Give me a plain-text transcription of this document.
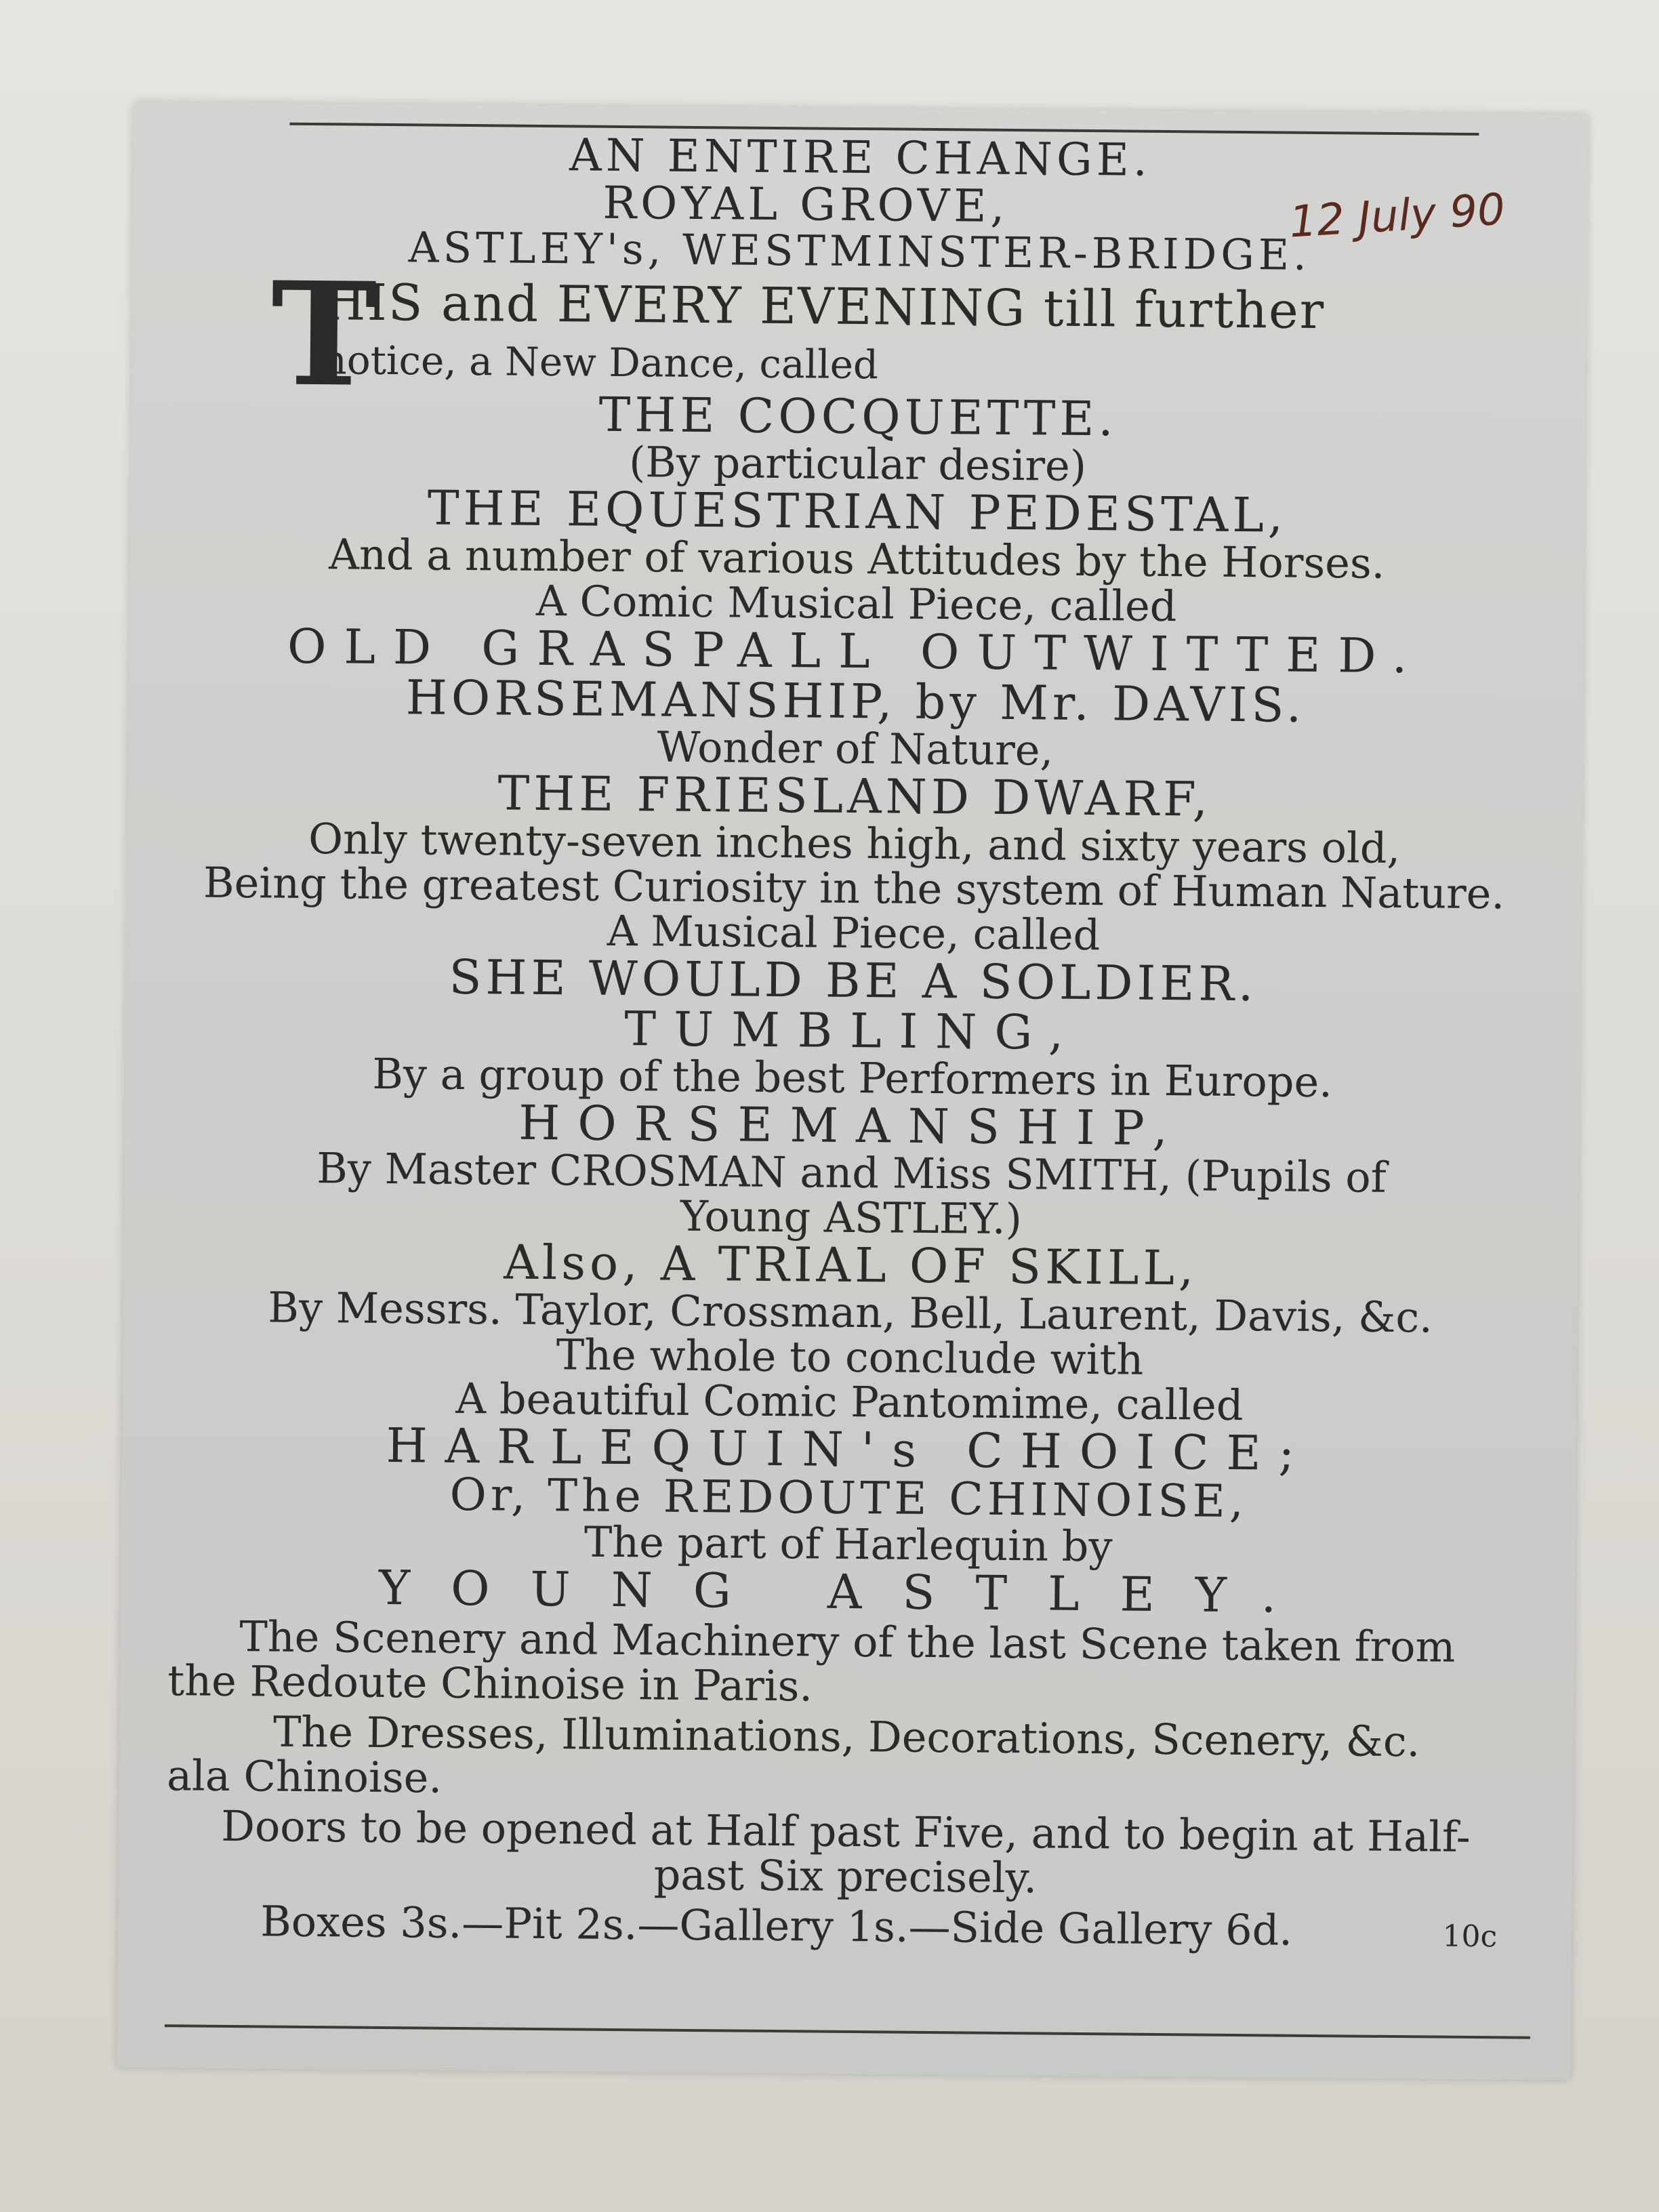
12 July 90
AN ENTIRE CHANGE.
ROYAL GROVE,
ASTLEY's, WESTMINSTER-BRIDGE.
T
HIS and EVERY EVENING till further
notice, a New Dance, called
THE COCQUETTE.
(By particular desire)
THE EQUESTRIAN PEDESTAL,
And a number of various Attitudes by the Horses.
A Comic Musical Piece, called
OLD GRASPALL OUTWITTED.
HORSEMANSHIP, by Mr. DAVIS.
Wonder of Nature,
THE FRIESLAND DWARF,
Only twenty-seven inches high, and sixty years old,
Being the greatest Curiosity in the system of Human Nature.
A Musical Piece, called
SHE WOULD BE A SOLDIER.
TUMBLING,
By a group of the best Performers in Europe.
HORSEMANSHIP,
By Master CROSMAN and Miss SMITH, (Pupils of
Young ASTLEY.)
Also, A TRIAL OF SKILL,
By Messrs. Taylor, Crossman, Bell, Laurent, Davis, &c.
The whole to conclude with
A beautiful Comic Pantomime, called
HARLEQUIN's CHOICE;
Or, The REDOUTE CHINOISE,
The part of Harlequin by
YOUNG ASTLEY.
The Scenery and Machinery of the last Scene taken from
the Redoute Chinoise in Paris.
The Dresses, Illuminations, Decorations, Scenery, &c.
ala Chinoise.
Doors to be opened at Half past Five, and to begin at Half-
past Six precisely.
Boxes 3s.—Pit 2s.—Gallery 1s.—Side Gallery 6d.	10c
